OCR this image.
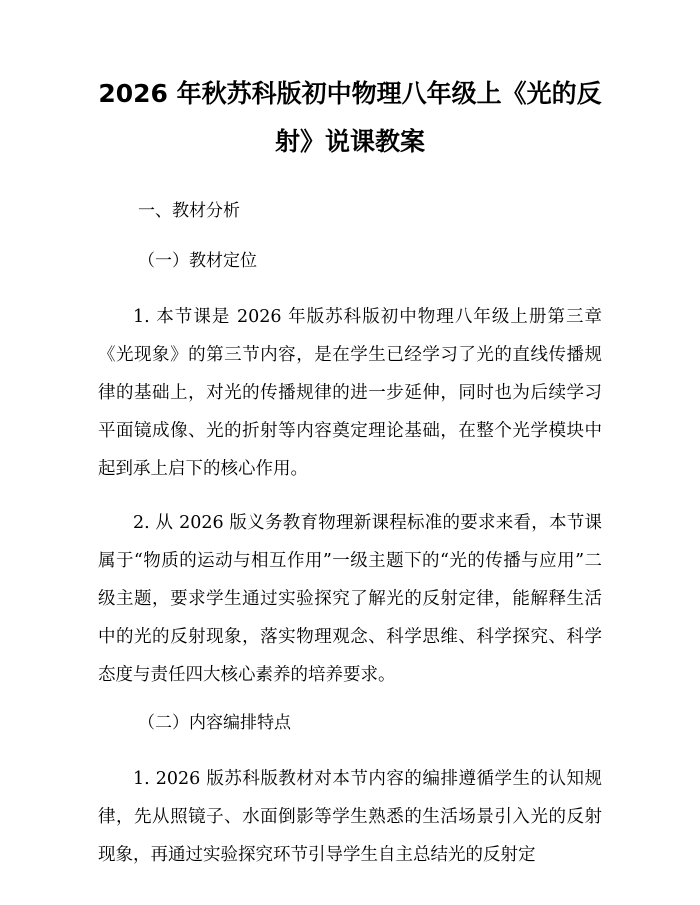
2026 年秋苏科版初中物理八年级上《光的反
射》说课教案
一、教材分析
（一）教材定位

1. 本节课是 2026 年版苏科版初中物理八年级上册第三章《光现象》的第三节内容，是在学生已经学习了光的直线传播规律的基础上，对光的传播规律的进一步延伸，同时也为后续学习平面镜成像、光的折射等内容奠定理论基础，在整个光学模块中起到承上启下的核心作用。

2. 从 2026 版义务教育物理新课程标准的要求来看，本节课属于“物质的运动与相互作用”一级主题下的“光的传播与应用”二级主题，要求学生通过实验探究了解光的反射定律，能解释生活中的光的反射现象，落实物理观念、科学思维、科学探究、科学态度与责任四大核心素养的培养要求。

（二）内容编排特点

1. 2026 版苏科版教材对本节内容的编排遵循学生的认知规律，先从照镜子、水面倒影等学生熟悉的生活场景引入光的反射现象，再通过实验探究环节引导学生自主总结光的反射定
